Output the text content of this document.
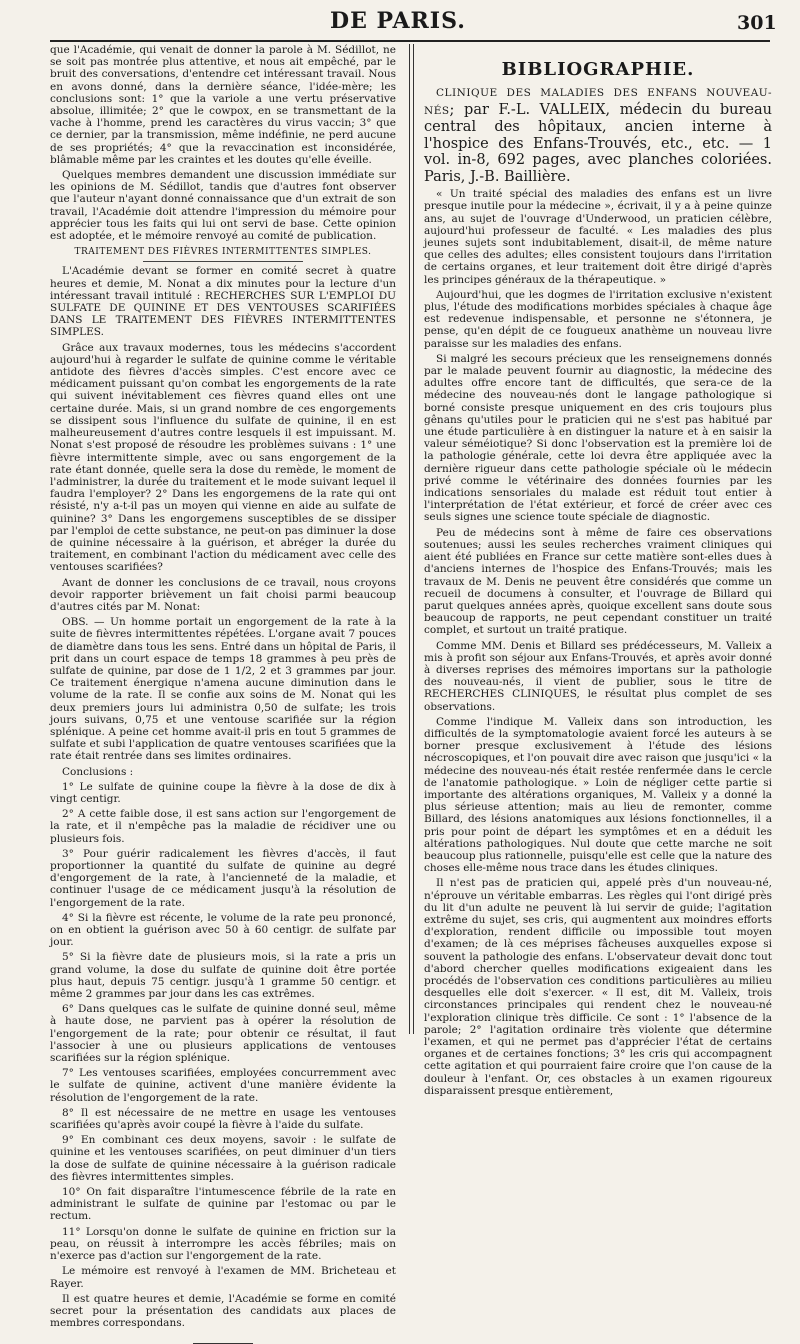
DE PARIS.	301

que l'Académie, qui venait de donner la parole à M. Sédillot, ne se soit pas montrée plus attentive, et nous ait empêché, par le bruit des conversations, d'entendre cet intéressant travail. Nous en avons donné, dans la dernière séance, l'idée-mère; les conclusions sont: 1° que la variole a une vertu préservative absolue, illimitée; 2° que le cowpox, en se transmettant de la vache à l'homme, prend les caractères du virus vaccin; 3° que ce dernier, par la transmission, même indéfinie, ne perd aucune de ses propriétés; 4° que la revaccination est inconsidérée, blâmable même par les craintes et les doutes qu'elle éveille.

Quelques membres demandent une discussion immédiate sur les opinions de M. Sédillot, tandis que d'autres font observer que l'auteur n'ayant donné connaissance que d'un extrait de son travail, l'Académie doit attendre l'impression du mémoire pour apprécier tous les faits qui lui ont servi de base. Cette opinion est adoptée, et le mémoire renvoyé au comité de publication.

TRAITEMENT DES FIÈVRES INTERMITTENTES SIMPLES.

L'Académie devant se former en comité secret à quatre heures et demie, M. Nonat a dix minutes pour la lecture d'un intéressant travail intitulé : RECHERCHES SUR L'EMPLOI DU SULFATE DE QUININE ET DES VENTOUSES SCARIFIÉES DANS LE TRAITEMENT DES FIÈVRES INTERMITTENTES SIMPLES.

Grâce aux travaux modernes, tous les médecins s'accordent aujourd'hui à regarder le sulfate de quinine comme le véritable antidote des fièvres d'accès simples. C'est encore avec ce médicament puissant qu'on combat les engorgements de la rate qui suivent inévitablement ces fièvres quand elles ont une certaine durée. Mais, si un grand nombre de ces engorgements se dissipent sous l'influence du sulfate de quinine, il en est malheureusement d'autres contre lesquels il est impuissant. M. Nonat s'est proposé de résoudre les problèmes suivans : 1° une fièvre intermittente simple, avec ou sans engorgement de la rate étant donnée, quelle sera la dose du remède, le moment de l'administrer, la durée du traitement et le mode suivant lequel il faudra l'employer? 2° Dans les engorgemens de la rate qui ont résisté, n'y a-t-il pas un moyen qui vienne en aide au sulfate de quinine? 3° Dans les engorgemens susceptibles de se dissiper par l'emploi de cette substance, ne peut-on pas diminuer la dose de quinine nécessaire à la guérison, et abréger la durée du traitement, en combinant l'action du médicament avec celle des ventouses scarifiées?

Avant de donner les conclusions de ce travail, nous croyons devoir rapporter brièvement un fait choisi parmi beaucoup d'autres cités par M. Nonat:

OBS. — Un homme portait un engorgement de la rate à la suite de fièvres intermittentes répétées. L'organe avait 7 pouces de diamètre dans tous les sens. Entré dans un hôpital de Paris, il prit dans un court espace de temps 18 grammes à peu près de sulfate de quinine, par dose de 1 1/2, 2 et 3 grammes par jour. Ce traitement énergique n'amena aucune diminution dans le volume de la rate. Il se confie aux soins de M. Nonat qui les deux premiers jours lui administra 0,50 de sulfate; les trois jours suivans, 0,75 et une ventouse scarifiée sur la région splénique. A peine cet homme avait-il pris en tout 5 grammes de sulfate et subi l'application de quatre ventouses scarifiées que la rate était rentrée dans ses limites ordinaires.

Conclusions :

1° Le sulfate de quinine coupe la fièvre à la dose de dix à vingt centigr.

2° A cette faible dose, il est sans action sur l'engorgement de la rate, et il n'empêche pas la maladie de récidiver une ou plusieurs fois.

3° Pour guérir radicalement les fièvres d'accès, il faut proportionner la quantité du sulfate de quinine au degré d'engorgement de la rate, à l'ancienneté de la maladie, et continuer l'usage de ce médicament jusqu'à la résolution de l'engorgement de la rate.

4° Si la fièvre est récente, le volume de la rate peu prononcé, on en obtient la guérison avec 50 à 60 centigr. de sulfate par jour.

5° Si la fièvre date de plusieurs mois, si la rate a pris un grand volume, la dose du sulfate de quinine doit être portée plus haut, depuis 75 centigr. jusqu'à 1 gramme 50 centigr. et même 2 grammes par jour dans les cas extrêmes.

6° Dans quelques cas le sulfate de quinine donné seul, même à haute dose, ne parvient pas à opérer la résolution de l'engorgement de la rate; pour obtenir ce résultat, il faut l'associer à une ou plusieurs applications de ventouses scarifiées sur la région splénique.

7° Les ventouses scarifiées, employées concurremment avec le sulfate de quinine, activent d'une manière évidente la résolution de l'engorgement de la rate.

8° Il est nécessaire de ne mettre en usage les ventouses scarifiées qu'après avoir coupé la fièvre à l'aide du sulfate.

9° En combinant ces deux moyens, savoir : le sulfate de quinine et les ventouses scarifiées, on peut diminuer d'un tiers la dose de sulfate de quinine nécessaire à la guérison radicale des fièvres intermittentes simples.

10° On fait disparaître l'intumescence fébrile de la rate en administrant le sulfate de quinine par l'estomac ou par le rectum.

11° Lorsqu'on donne le sulfate de quinine en friction sur la peau, on réussit à interrompre les accès fébriles; mais on n'exerce pas d'action sur l'engorgement de la rate.

Le mémoire est renvoyé à l'examen de MM. Bricheteau et Rayer.

Il est quatre heures et demie, l'Académie se forme en comité secret pour la présentation des candidats aux places de membres correspondans.

BIBLIOGRAPHIE.

CLINIQUE DES MALADIES DES ENFANS NOUVEAU-NÉS; par F.-L. VALLEIX, médecin du bureau central des hôpitaux, ancien interne à l'hospice des Enfans-Trouvés, etc., etc. — 1 vol. in-8, 692 pages, avec planches coloriées. Paris, J.-B. Baillière.

« Un traité spécial des maladies des enfans est un livre presque inutile pour la médecine », écrivait, il y a à peine quinze ans, au sujet de l'ouvrage d'Underwood, un praticien célèbre, aujourd'hui professeur de faculté. « Les maladies des plus jeunes sujets sont indubitablement, disait-il, de même nature que celles des adultes; elles consistent toujours dans l'irritation de certains organes, et leur traitement doit être dirigé d'après les principes généraux de la thérapeutique. »

Aujourd'hui, que les dogmes de l'irritation exclusive n'existent plus, l'étude des modifications morbides spéciales à chaque âge est redevenue indispensable, et personne ne s'étonnera, je pense, qu'en dépit de ce fougueux anathème un nouveau livre paraisse sur les maladies des enfans.

Si malgré les secours précieux que les renseignemens donnés par le malade peuvent fournir au diagnostic, la médecine des adultes offre encore tant de difficultés, que sera-ce de la médecine des nouveau-nés dont le langage pathologique si borné consiste presque uniquement en des cris toujours plus gênans qu'utiles pour le praticien qui ne s'est pas habitué par une étude particulière à en distinguer la nature et à en saisir la valeur séméiotique? Si donc l'observation est la première loi de la pathologie générale, cette loi devra être appliquée avec la dernière rigueur dans cette pathologie spéciale où le médecin privé comme le vétérinaire des données fournies par les indications sensoriales du malade est réduit tout entier à l'interprétation de l'état extérieur, et forcé de créer avec ces seuls signes une science toute spéciale de diagnostic.

Peu de médecins sont à même de faire ces observations soutenues; aussi les seules recherches vraiment cliniques qui aient été publiées en France sur cette matière sont-elles dues à d'anciens internes de l'hospice des Enfans-Trouvés; mais les travaux de M. Denis ne peuvent être considérés que comme un recueil de documens à consulter, et l'ouvrage de Billard qui parut quelques années après, quoique excellent sans doute sous beaucoup de rapports, ne peut cependant constituer un traité complet, et surtout un traité pratique.

Comme MM. Denis et Billard ses prédécesseurs, M. Valleix a mis à profit son séjour aux Enfans-Trouvés, et après avoir donné à diverses reprises des mémoires importans sur la pathologie des nouveau-nés, il vient de publier, sous le titre de RECHERCHES CLINIQUES, le résultat plus complet de ses observations.

Comme l'indique M. Valleix dans son introduction, les difficultés de la symptomatologie avaient forcé les auteurs à se borner presque exclusivement à l'étude des lésions nécroscopiques, et l'on pouvait dire avec raison que jusqu'ici « la médecine des nouveau-nés était restée renfermée dans le cercle de l'anatomie pathologique. » Loin de négliger cette partie si importante des altérations organiques, M. Valleix y a donné la plus sérieuse attention; mais au lieu de remonter, comme Billard, des lésions anatomiques aux lésions fonctionnelles, il a pris pour point de départ les symptômes et en a déduit les altérations pathologiques. Nul doute que cette marche ne soit beaucoup plus rationnelle, puisqu'elle est celle que la nature des choses elle-même nous trace dans les études cliniques.

Il n'est pas de praticien qui, appelé près d'un nouveau-né, n'éprouve un véritable embarras. Les règles qui l'ont dirigé près du lit d'un adulte ne peuvent là lui servir de guide; l'agitation extrême du sujet, ses cris, qui augmentent aux moindres efforts d'exploration, rendent difficile ou impossible tout moyen d'examen; de là ces méprises fâcheuses auxquelles expose si souvent la pathologie des enfans. L'observateur devait donc tout d'abord chercher quelles modifications exigeaient dans les procédés de l'observation ces conditions particulières au milieu desquelles elle doit s'exercer. « Il est, dit M. Valleix, trois circonstances principales qui rendent chez le nouveau-né l'exploration clinique très difficile. Ce sont : 1° l'absence de la parole; 2° l'agitation ordinaire très violente que détermine l'examen, et qui ne permet pas d'apprécier l'état de certains organes et de certaines fonctions; 3° les cris qui accompagnent cette agitation et qui pourraient faire croire que l'on cause de la douleur à l'enfant. Or, ces obstacles à un examen rigoureux disparaissent presque entièrement,
